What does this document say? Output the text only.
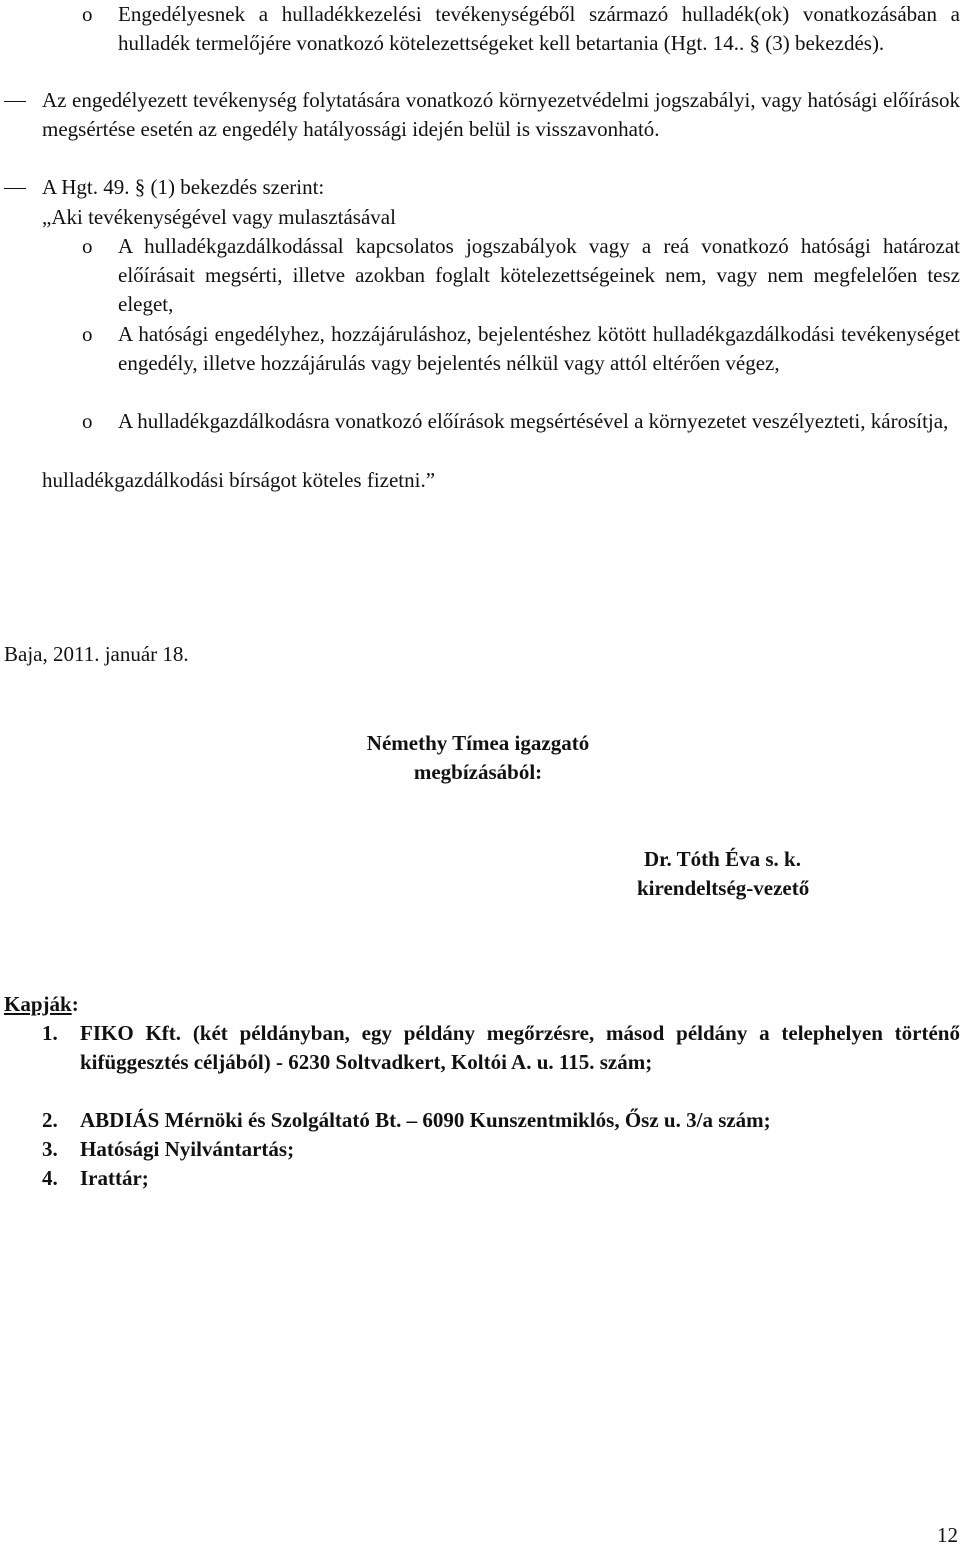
o Engedélyesnek a hulladékkezelési tevékenységéből származó hulladék(ok) vonatkozásában a hulladék termelőjére vonatkozó kötelezettségeket kell betartania (Hgt. 14.. § (3) bekezdés).
Az engedélyezett tevékenység folytatására vonatkozó környezetvédelmi jogszabályi, vagy hatósági előírások megsértése esetén az engedély hatályossági idején belül is visszavonható.
A Hgt. 49. § (1) bekezdés szerint:
„Aki tevékenységével vagy mulasztásával
o A hulladékgazdálkodással kapcsolatos jogszabályok vagy a reá vonatkozó hatósági határozat előírásait megsérti, illetve azokban foglalt kötelezettségeinek nem, vagy nem megfelelően tesz eleget,
o A hatósági engedélyhez, hozzájáruláshoz, bejelentéshez kötött hulladékgazdálkodási tevékenységet engedély, illetve hozzájárulás vagy bejelentés nélkül vagy attól eltérően végez,
o A hulladékgazdálkodásra vonatkozó előírások megsértésével a környezetet veszélyezteti, károsítja,
hulladékgazdálkodási bírságot köteles fizetni.”
Baja, 2011. január 18.
Némethy Tímea igazgató
megbízásából:
Dr. Tóth Éva s. k.
kirendeltség-vezető
Kapják:
1. FIKO Kft. (két példányban, egy példány megőrzésre, másod példány a telephelyen történő kifüggesztés céljából) - 6230 Soltvadkert, Koltói A. u. 115. szám;
2. ABDIÁS Mérnöki és Szolgáltató Bt. – 6090 Kunszentmiklós, Ősz u. 3/a szám;
3. Hatósági Nyilvántartás;
4. Irattár;
12
